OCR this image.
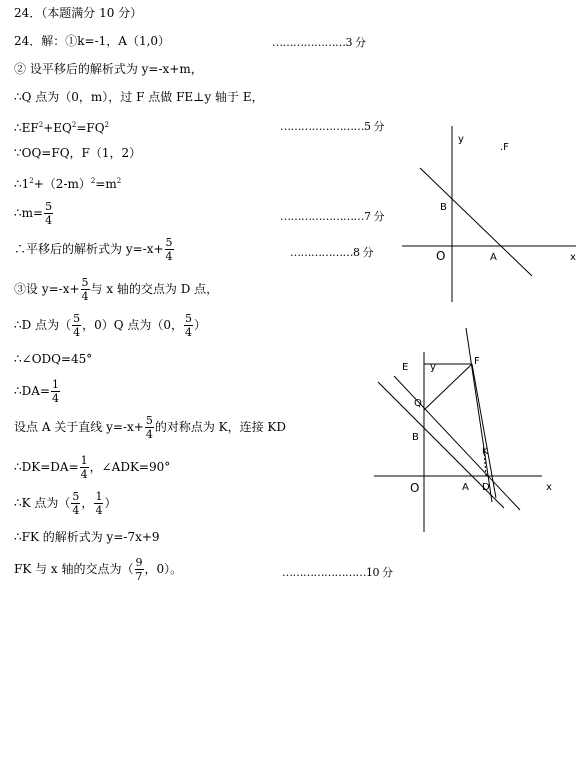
24．（本题满分 10 分）
24．解：①k=-1，A（1,0）	…………………3 分
② 设平移后的解析式为 y=-x+m，
∴Q 点为（0，m），过 F 点做 FE⊥y 轴于 E，
$\therefore EF^2+EQ^2=FQ^2$	……………………5 分
∵OQ=FQ，F（1，2）
$\therefore 1^2+(2-m)^2=m^2$
∴m= $\frac{5}{4}$	……………………7 分
∴平移后的解析式为 $y=-x+ \frac{5}{4}$	………………8 分
③设 $y=-x+ \frac{5}{4}$ 与 x 轴的交点为 D 点，
∴D 点为（ $\frac{5}{4}$ ，0）Q 点为（0， $\frac{5}{4}$ ）
∴∠ODQ=45°
∴DA= $\frac{1}{4}$
设点 A 关于直线 $y=-x+ \frac{5}{4}$ 的对称点为 K，连接 KD
∴DK=DA= $\frac{1}{4}$ ，∠ADK=90°
∴K 点为（ $\frac{5}{4}$ ， $\frac{1}{4}$ ）
∴FK 的解析式为 y=-7x+9
FK 与 x 轴的交点为（ $\frac{9}{7}$ ，0）。	……………………10 分
y
.F
B
O	A	x
E y
F
Q
B
K
O	A D	x
